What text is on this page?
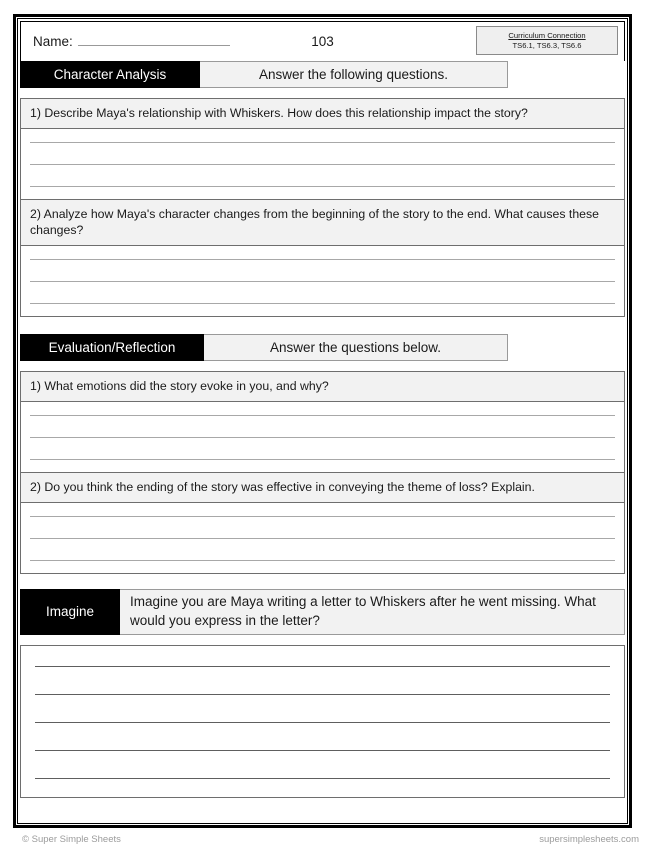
Name:	103	Curriculum Connection
TS6.1, TS6.3, TS6.6
Character Analysis	Answer the following questions.
1) Describe Maya's relationship with Whiskers. How does this relationship impact the story?
2) Analyze how Maya's character changes from the beginning of the story to the end. What causes these changes?
Evaluation/Reflection	Answer the questions below.
1) What emotions did the story evoke in you, and why?
2) Do you think the ending of the story was effective in conveying the theme of loss? Explain.
Imagine
Imagine you are Maya writing a letter to Whiskers after he went missing. What would you express in the letter?
© Super Simple Sheets	supersimplesheets.com
